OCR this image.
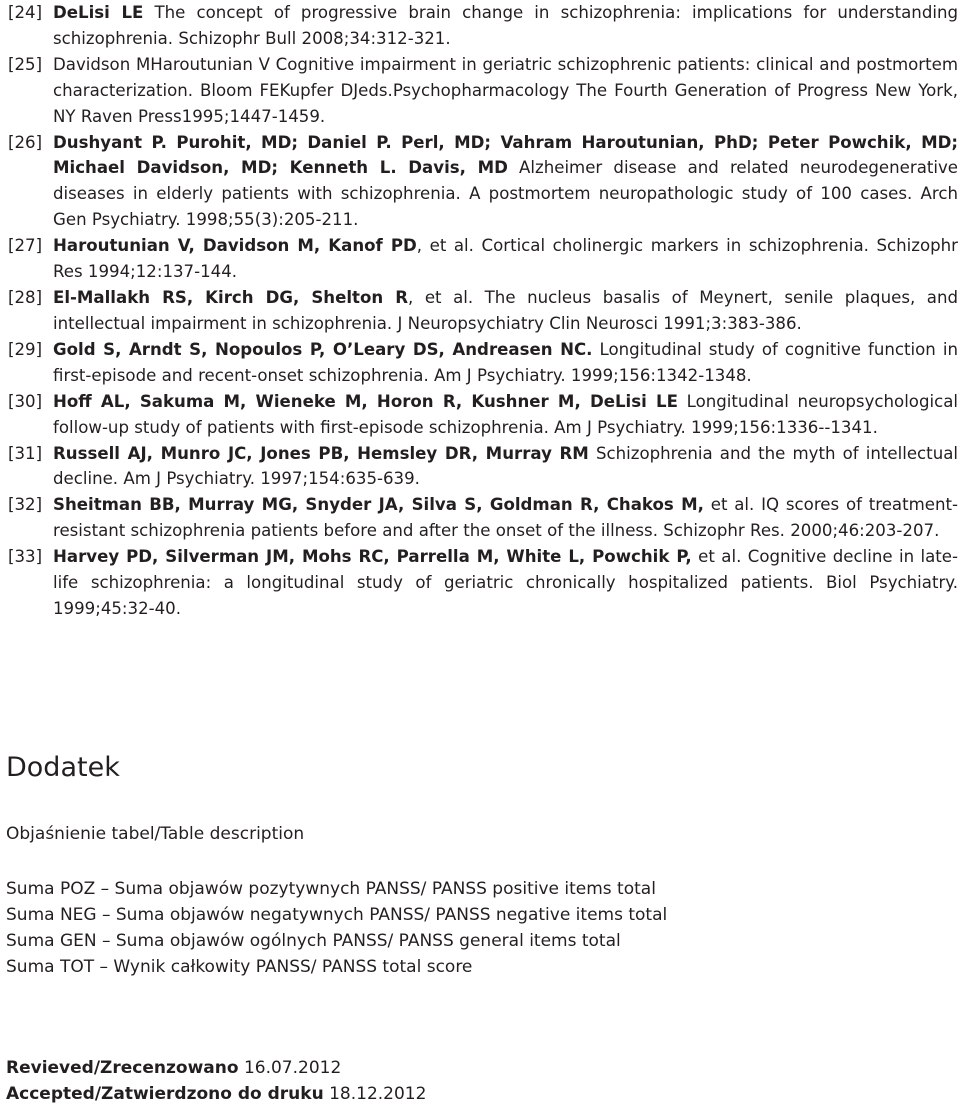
[24] DeLisi LE The concept of progressive brain change in schizophrenia: implications for understanding schizophrenia. Schizophr Bull 2008;34:312-321.
[25] Davidson MHaroutunian V Cognitive impairment in geriatric schizophrenic patients: clinical and postmortem characterization. Bloom FEKupfer DJeds.Psychopharmacology The Fourth Generation of Progress New York, NY Raven Press1995;1447-1459.
[26] Dushyant P. Purohit, MD; Daniel P. Perl, MD; Vahram Haroutunian, PhD; Peter Powchik, MD; Michael Davidson, MD; Kenneth L. Davis, MD Alzheimer disease and related neurodegenerative diseases in elderly patients with schizophrenia. A postmortem neuropathologic study of 100 cases. Arch Gen Psychiatry. 1998;55(3):205-211.
[27] Haroutunian V, Davidson M, Kanof PD, et al. Cortical cholinergic markers in schizophrenia. Schizophr Res 1994;12:137-144.
[28] El-Mallakh RS, Kirch DG, Shelton R, et al. The nucleus basalis of Meynert, senile plaques, and intellectual impairment in schizophrenia. J Neuropsychiatry Clin Neurosci 1991;3:383-386.
[29] Gold S, Arndt S, Nopoulos P, O’Leary DS, Andreasen NC. Longitudinal study of cognitive function in first-episode and recent-onset schizophrenia. Am J Psychiatry. 1999;156:1342-1348.
[30] Hoff AL, Sakuma M, Wieneke M, Horon R, Kushner M, DeLisi LE Longitudinal neuropsychological follow-up study of patients with first-episode schizophrenia. Am J Psychiatry. 1999;156:1336--1341.
[31] Russell AJ, Munro JC, Jones PB, Hemsley DR, Murray RM Schizophrenia and the myth of intellectual decline. Am J Psychiatry. 1997;154:635-639.
[32] Sheitman BB, Murray MG, Snyder JA, Silva S, Goldman R, Chakos M, et al. IQ scores of treatment-resistant schizophrenia patients before and after the onset of the illness. Schizophr Res. 2000;46:203-207.
[33] Harvey PD, Silverman JM, Mohs RC, Parrella M, White L, Powchik P, et al. Cognitive decline in late-life schizophrenia: a longitudinal study of geriatric chronically hospitalized patients. Biol Psychiatry. 1999;45:32-40.
Dodatek

Objaśnienie tabel/Table description

Suma POZ – Suma objawów pozytywnych PANSS/ PANSS positive items total
Suma NEG – Suma objawów negatywnych PANSS/ PANSS negative items total
Suma GEN – Suma objawów ogólnych PANSS/ PANSS general items total
Suma TOT – Wynik całkowity PANSS/ PANSS total score
Revieved/Zrecenzowano 16.07.2012
Accepted/Zatwierdzono do druku 18.12.2012
